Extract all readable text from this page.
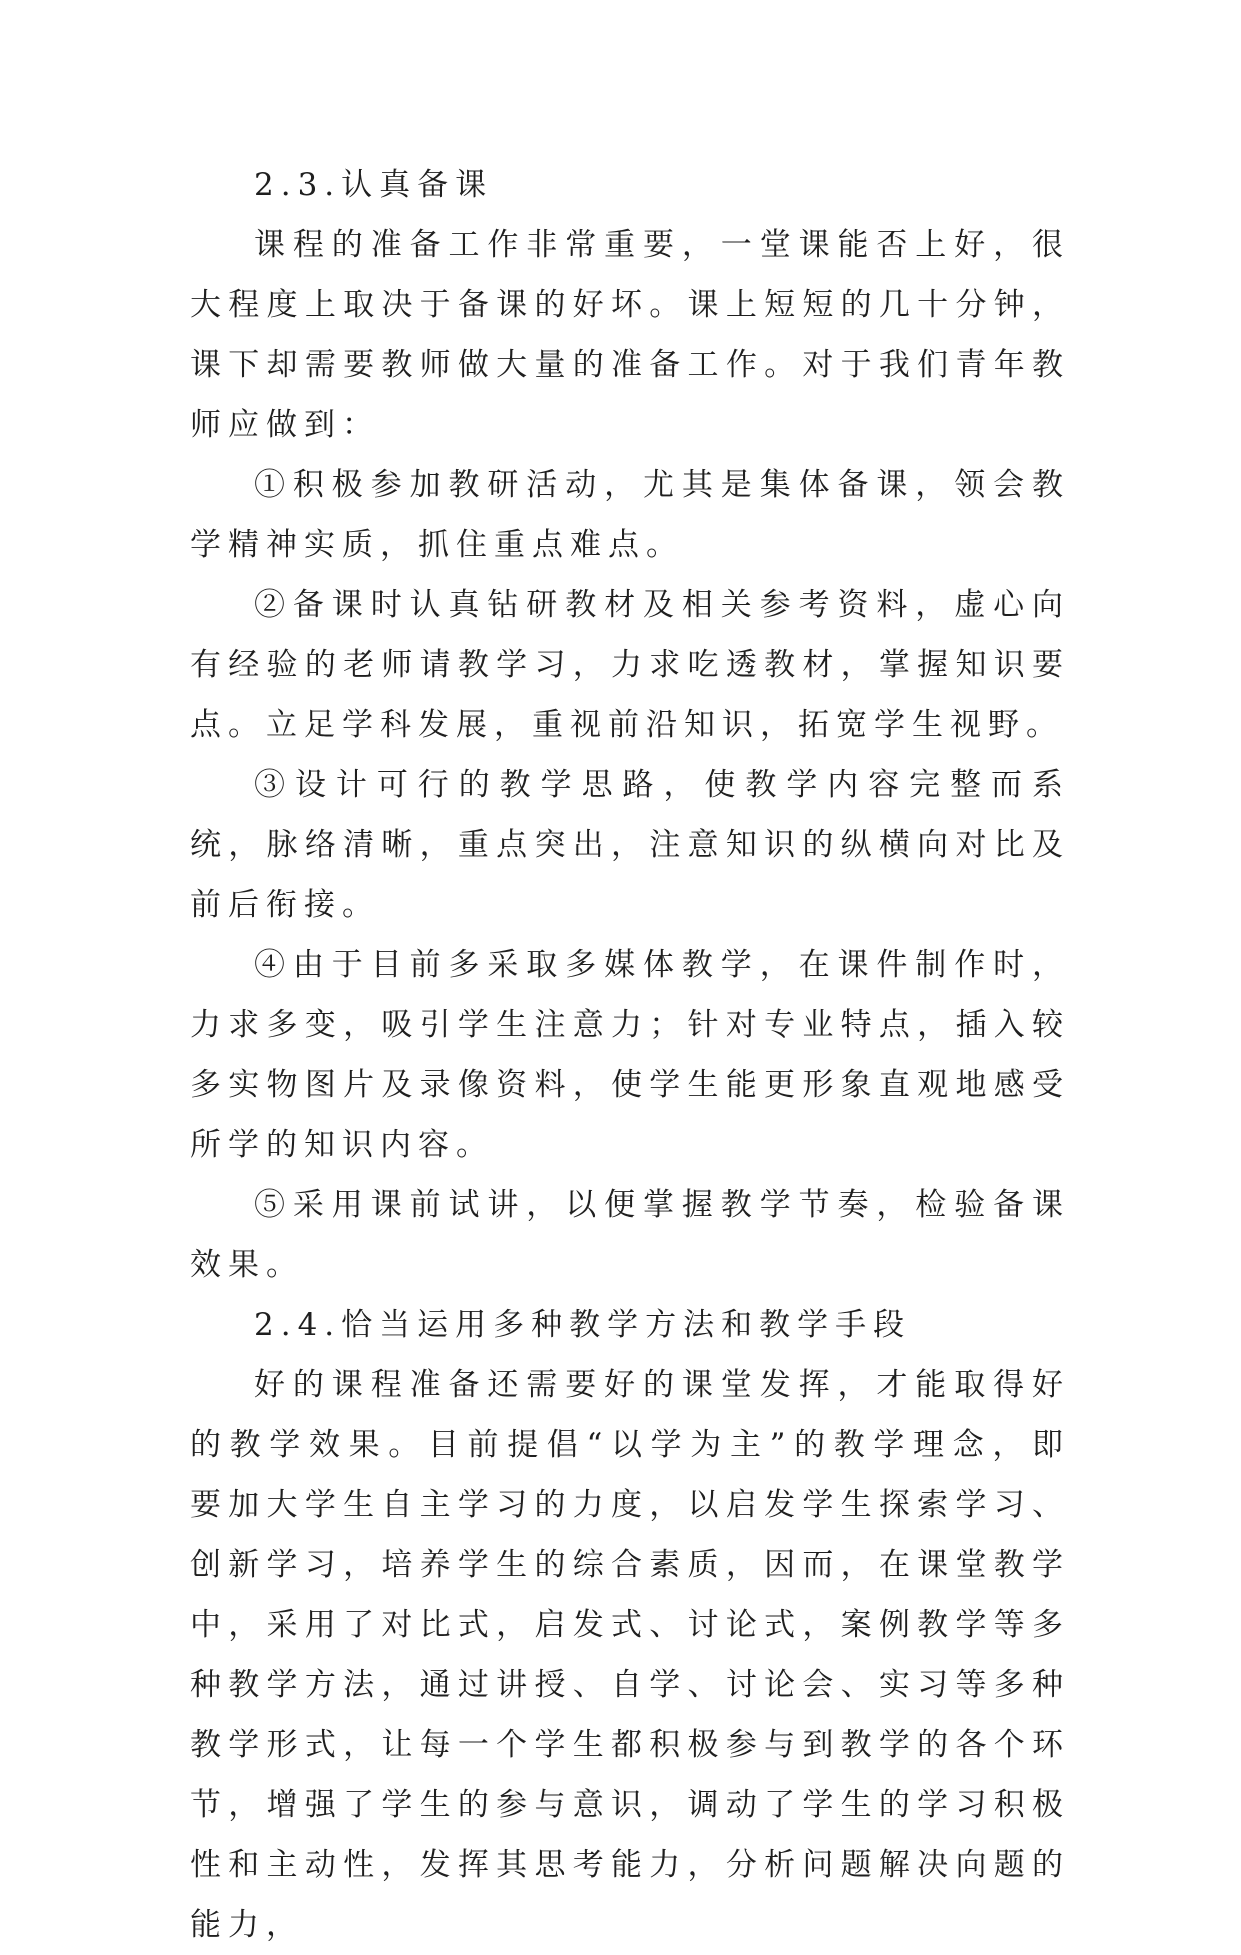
2.3.认真备课

课程的准备工作非常重要，一堂课能否上好，很大程度上取决于备课的好坏。课上短短的几十分钟，课下却需要教师做大量的准备工作。对于我们青年教师应做到：

①积极参加教研活动，尤其是集体备课，领会教学精神实质，抓住重点难点。

②备课时认真钻研教材及相关参考资料，虚心向有经验的老师请教学习，力求吃透教材，掌握知识要点。立足学科发展，重视前沿知识，拓宽学生视野。

③设计可行的教学思路，使教学内容完整而系统，脉络清晰，重点突出，注意知识的纵横向对比及前后衔接。

④由于目前多采取多媒体教学，在课件制作时，力求多变，吸引学生注意力；针对专业特点，插入较多实物图片及录像资料，使学生能更形象直观地感受所学的知识内容。

⑤采用课前试讲，以便掌握教学节奏，检验备课效果。

2.4.恰当运用多种教学方法和教学手段

好的课程准备还需要好的课堂发挥，才能取得好的教学效果。目前提倡“以学为主”的教学理念，即要加大学生自主学习的力度，以启发学生探索学习、创新学习，培养学生的综合素质，因而，在课堂教学中，采用了对比式，启发式、讨论式，案例教学等多种教学方法，通过讲授、自学、讨论会、实习等多种教学形式，让每一个学生都积极参与到教学的各个环节，增强了学生的参与意识，调动了学生的学习积极性和主动性，发挥其思考能力，分析问题解决向题的能力，
